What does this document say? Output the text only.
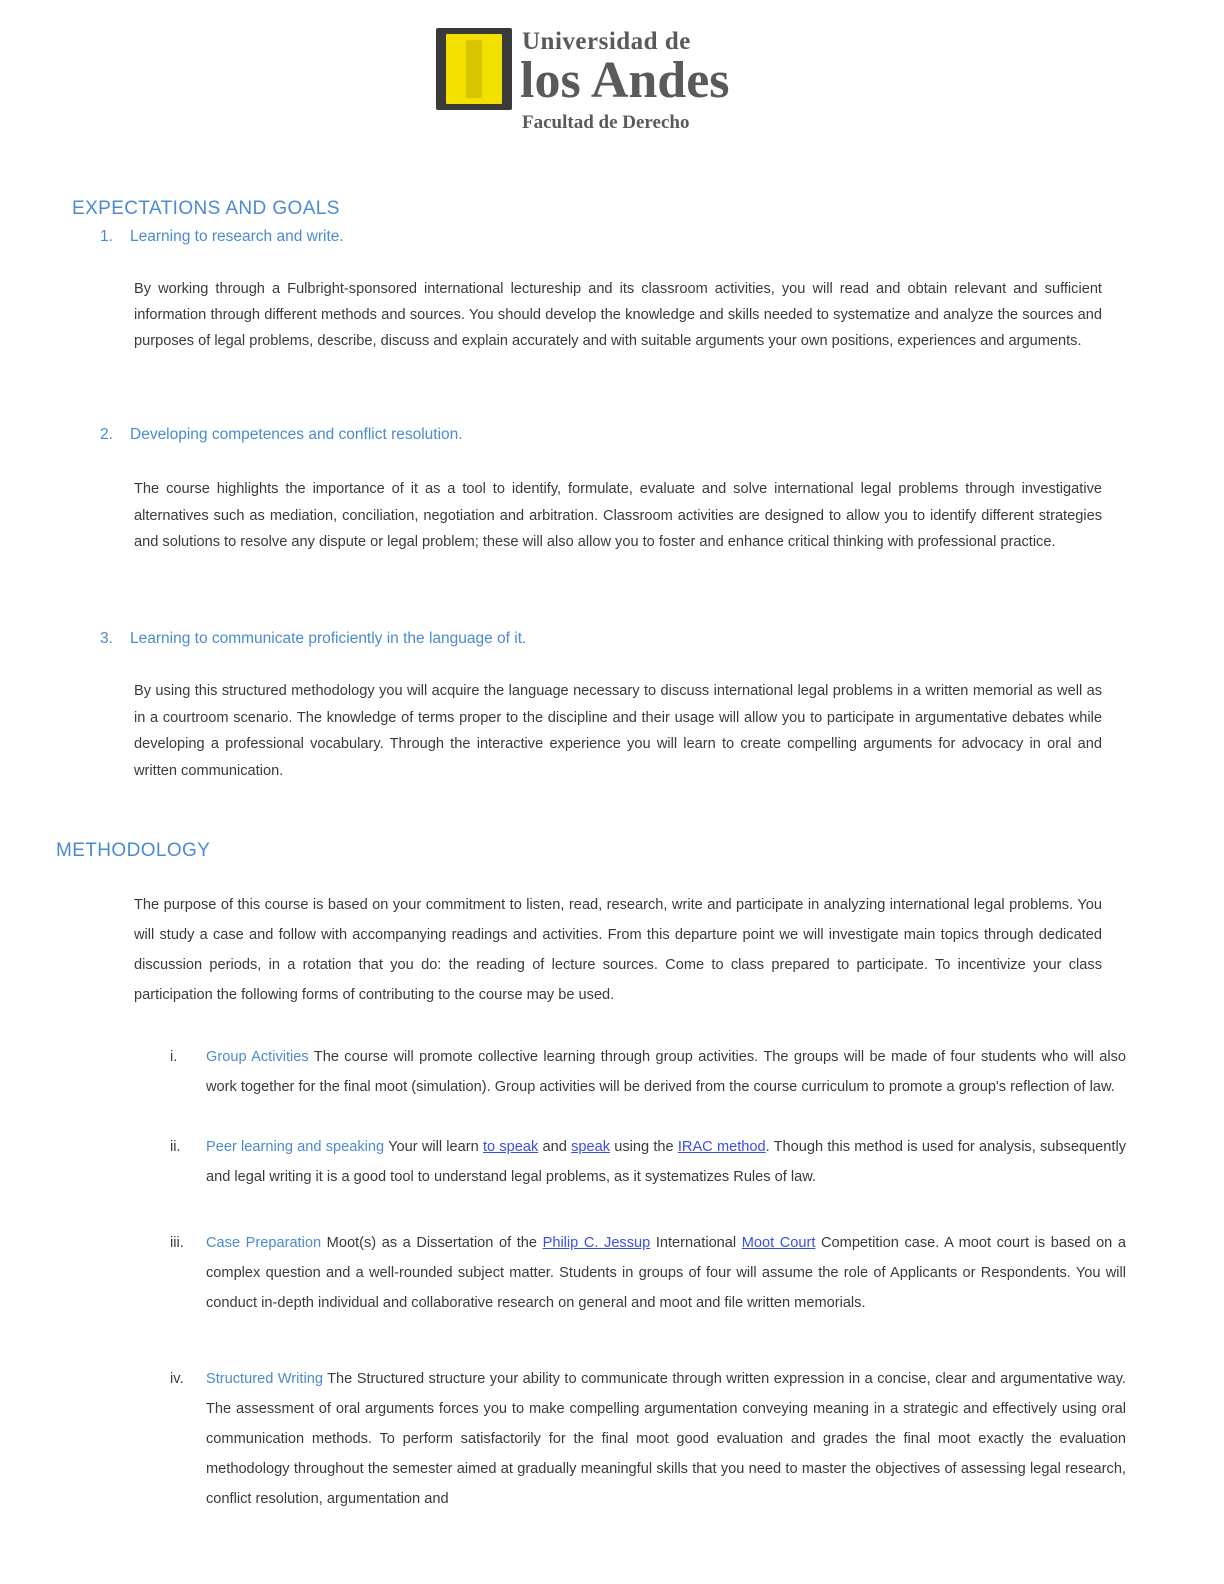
Universidad de
los Andes
Facultad de Derecho
EXPECTATIONS AND GOALS
1. Learning to research and write.

By working through a Fulbright-sponsored international lectureship and its classroom activities, you will read and obtain relevant and sufficient information through different methods and sources. You should develop the knowledge and skills needed to systematize and analyze the sources and purposes of legal problems, describe, discuss and explain accurately and with suitable arguments your own positions, experiences and arguments.

2. Developing competences and conflict resolution.

The course highlights the importance of it as a tool to identify, formulate, evaluate and solve international legal problems through investigative alternatives such as mediation, conciliation, negotiation and arbitration. Classroom activities are designed to allow you to identify different strategies and solutions to resolve any dispute or legal problem; these will also allow you to foster and enhance critical thinking with professional practice.

3. Learning to communicate proficiently in the language of it.

By using this structured methodology you will acquire the language necessary to discuss international legal problems in a written memorial as well as in a courtroom scenario. The knowledge of terms proper to the discipline and their usage will allow you to participate in argumentative debates while developing a professional vocabulary. Through the interactive experience you will learn to create compelling arguments for advocacy in oral and written communication.

METHODOLOGY

The purpose of this course is based on your commitment to listen, read, research, write and participate in analyzing international legal problems. You will study a case and follow with accompanying readings and activities. From this departure point we will investigate main topics through dedicated discussion periods, in a rotation that you do: the reading of lecture sources. Come to class prepared to participate. To incentivize your class participation the following forms of contributing to the course may be used.

i.	Group Activities The course will promote collective learning through group activities. The groups will be made of four students who will also work together for the final moot (simulation). Group activities will be derived from the course curriculum to promote a group's reflection of law.
ii.	Peer learning and speaking Your will learn to speak and speak using the IRAC method. Though this method is used for analysis, subsequently and legal writing it is a good tool to understand legal problems, as it systematizes Rules of law.
iii.	Case Preparation Moot(s) as a Dissertation of the Philip C. Jessup International Moot Court Competition case. A moot court is based on a complex question and a well-rounded subject matter. Students in groups of four will assume the role of Applicants or Respondents. You will conduct in-depth individual and collaborative research on general and moot and file written memorials.
iv.	Structured Writing The Structured structure your ability to communicate through written expression in a concise, clear and argumentative way. The assessment of oral arguments forces you to make compelling argumentation conveying meaning in a strategic and effectively using oral communication methods. To perform satisfactorily for the final moot good evaluation and grades the final moot exactly the evaluation methodology throughout the semester aimed at gradually meaningful skills that you need to master the objectives of assessing legal research, conflict resolution, argumentation and
